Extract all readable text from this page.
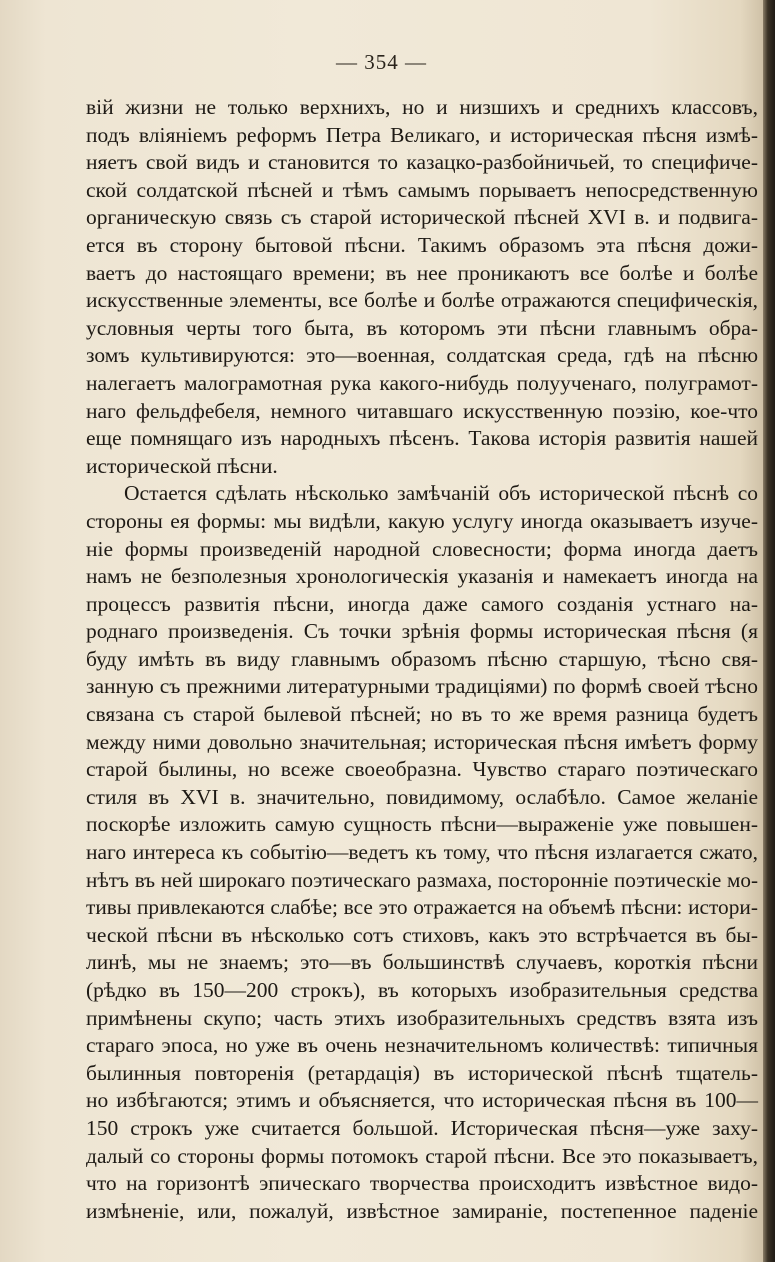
— 354 —
вій жизни не только верхнихъ, но и низшихъ и среднихъ классовъ,
подъ вліяніемъ реформъ Петра Великаго, и историческая пѣсня измѣ-
няетъ свой видъ и становится то казацко-разбойничьей, то специфиче-
ской солдатской пѣсней и тѣмъ самымъ порываетъ непосредственную
органическую связь съ старой исторической пѣсней XVI в. и подвига-
ется въ сторону бытовой пѣсни. Такимъ образомъ эта пѣсня дожи-
ваетъ до настоящаго времени; въ нее проникаютъ все болѣе и болѣе
искусственные элементы, все болѣе и болѣе отражаются специфическія,
условныя черты того быта, въ которомъ эти пѣсни главнымъ обра-
зомъ культивируются: это—военная, солдатская среда, гдѣ на пѣсню
налегаетъ малограмотная рука какого-нибудь полуученаго, полуграмот-
наго фельдфебеля, немного читавшаго искусственную поэзію, кое-что
еще помнящаго изъ народныхъ пѣсенъ. Такова исторія развитія нашей
исторической пѣсни.
Остается сдѣлать нѣсколько замѣчаній объ исторической пѣснѣ со
стороны ея формы: мы видѣли, какую услугу иногда оказываетъ изуче-
ніе формы произведеній народной словесности; форма иногда даетъ
намъ не безполезныя хронологическія указанія и намекаетъ иногда на
процессъ развитія пѣсни, иногда даже самого созданія устнаго на-
роднаго произведенія. Съ точки зрѣнія формы историческая пѣсня (я
буду имѣть въ виду главнымъ образомъ пѣсню старшую, тѣсно свя-
занную съ прежними литературными традиціями) по формѣ своей тѣсно
связана съ старой былевой пѣсней; но въ то же время разница будетъ
между ними довольно значительная; историческая пѣсня имѣетъ форму
старой былины, но всеже своеобразна. Чувство стараго поэтическаго
стиля въ XVI в. значительно, повидимому, ослабѣло. Самое желаніе
поскорѣе изложить самую сущность пѣсни—выраженіе уже повышен-
наго интереса къ событію—ведетъ къ тому, что пѣсня излагается сжато,
нѣтъ въ ней широкаго поэтическаго размаха, посторонніе поэтическіе мо-
тивы привлекаются слабѣе; все это отражается на объемѣ пѣсни: истори-
ческой пѣсни въ нѣсколько сотъ стиховъ, какъ это встрѣчается въ бы-
линѣ, мы не знаемъ; это—въ большинствѣ случаевъ, короткія пѣсни
(рѣдко въ 150—200 строкъ), въ которыхъ изобразительныя средства
примѣнены скупо; часть этихъ изобразительныхъ средствъ взята изъ
стараго эпоса, но уже въ очень незначительномъ количествѣ: типичныя
былинныя повторенія (ретардація) въ исторической пѣснѣ тщатель-
но избѣгаются; этимъ и объясняется, что историческая пѣсня въ 100—
150 строкъ уже считается большой. Историческая пѣсня—уже заху-
далый со стороны формы потомокъ старой пѣсни. Все это показываетъ,
что на горизонтѣ эпическаго творчества происходитъ извѣстное видо-
измѣненіе, или, пожалуй, извѣстное замираніе, постепенное паденіе
